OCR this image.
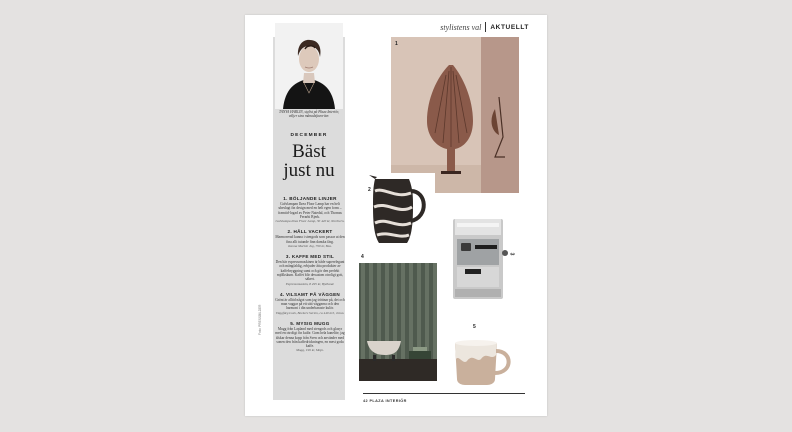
stylistens val AKTUELLT
TANYA HARLIN, stylist på Plaza Interiör, väljer sina månadsfavoriter.
DECEMBER
Bäst
just nu
1. BÖLJANDE LINJER
Golvlampan Ilzea Floor Lamp har en helt ubeslagt fin design med en helt egen form – framtid-logad av Peter Natedal, och Thomas Ferarhi Bjerk.
Golvlampa Ilzea Floor Lamp, 30 420 kr, Northern.
2. HÅLL VACKERT
Marmorerad kanna i stengods som passar ut den fina allt tutande finn danska färg.
Kanna Marble Jug, 799 kr, Bea.
3. KAFFE MED STIL
Den här espressomaskinen är både superelegant och mångfaldig, erbjuder åtta produkter av kaffebryggning samt och gör den perfekt mjölkskum. Kaffet blir dessutom otroligt gott, säkert.
Espressomaskin, 8 495 kr, Bjelland.
4. VILSAMT PÅ VÄGGEN
Grönt är alltid något som jag tröttnar på, det och man vaggar på ett sätt väggarna och den harmoni i din underbaraste kulör.
Väggfärg Lush, Beckers Serien, ca 449 kr/l, Jotun.
5. MYSIG MUGG
Mugg från Lapland med stengods och glasyr med en otroligt fin kulör. Gom hela kanelite, jag älskar denna kopp från Sven och använder med sonen den från kaffedrickningen, en mest goda kaffe.
Mugg, 199 kr, Mojo.
Foto: PRESSBILDER
1
2
3
4
5
42 PLAZA INTERIÖR
